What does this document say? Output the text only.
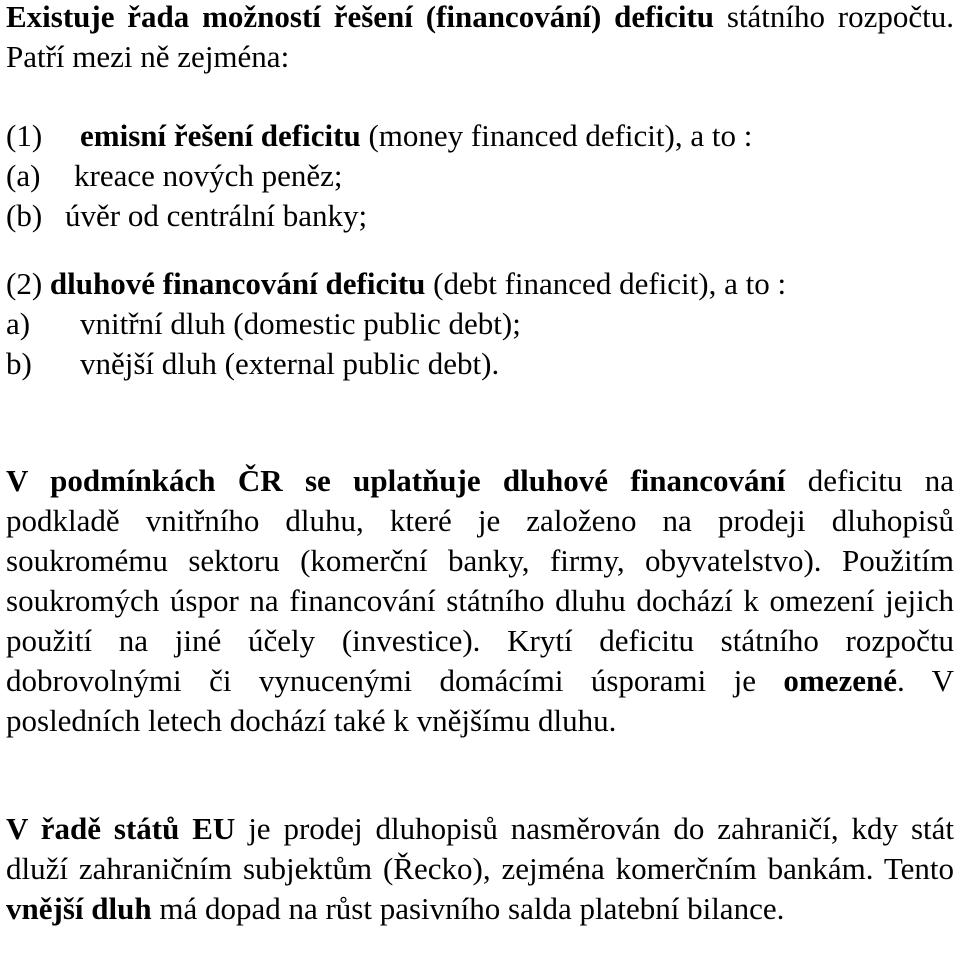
Existuje řada možností řešení (financování) deficitu státního rozpočtu. Patří mezi ně zejména:

(1) emisní řešení deficitu (money financed deficit), a to :
(a) kreace nových peněz;
(b) úvěr od centrální banky;
(2) dluhové financování deficitu (debt financed deficit), a to :
a) vnitřní dluh (domestic public debt);
b) vnější dluh (external public debt).

V podmínkách ČR se uplatňuje dluhové financování deficitu na podkladě vnitřního dluhu, které je založeno na prodeji dluhopisů soukromému sektoru (komerční banky, firmy, obyvatelstvo). Použitím soukromých úspor na financování státního dluhu dochází k omezení jejich použití na jiné účely (investice). Krytí deficitu státního rozpočtu dobrovolnými či vynucenými domácími úsporami je omezené. V posledních letech dochází také k vnějšímu dluhu.

V řadě států EU je prodej dluhopisů nasměrován do zahraničí, kdy stát dluží zahraničním subjektům (Řecko), zejména komerčním bankám. Tento vnější dluh má dopad na růst pasivního salda platební bilance.
